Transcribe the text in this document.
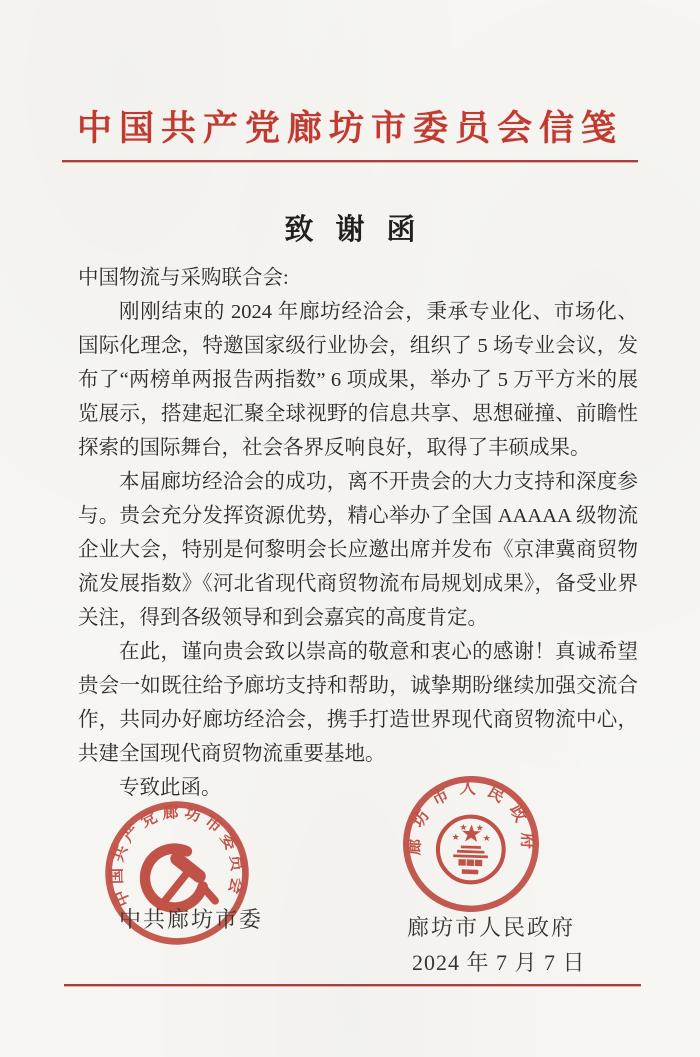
中国共产党廊坊市委员会信笺
致谢函

中国物流与采购联合会:

刚刚结束的 2024 年廊坊经洽会，秉承专业化、市场化、国际化理念，特邀国家级行业协会，组织了 5 场专业会议，发布了“两榜单两报告两指数” 6 项成果，举办了 5 万平方米的展览展示，搭建起汇聚全球视野的信息共享、思想碰撞、前瞻性探索的国际舞台，社会各界反响良好，取得了丰硕成果。

本届廊坊经洽会的成功，离不开贵会的大力支持和深度参与。贵会充分发挥资源优势，精心举办了全国 AAAAA 级物流企业大会，特别是何黎明会长应邀出席并发布《京津冀商贸物流发展指数》《河北省现代商贸物流布局规划成果》，备受业界关注，得到各级领导和到会嘉宾的高度肯定。

在此，谨向贵会致以崇高的敬意和衷心的感谢！真诚希望贵会一如既往给予廊坊支持和帮助，诚挚期盼继续加强交流合作，共同办好廊坊经洽会，携手打造世界现代商贸物流中心，共建全国现代商贸物流重要基地。

专致此函。

中国共产党廊坊市委员会
中共廊坊市委
廊坊市人民政府
廊坊市人民政府
2024 年 7 月 7 日
